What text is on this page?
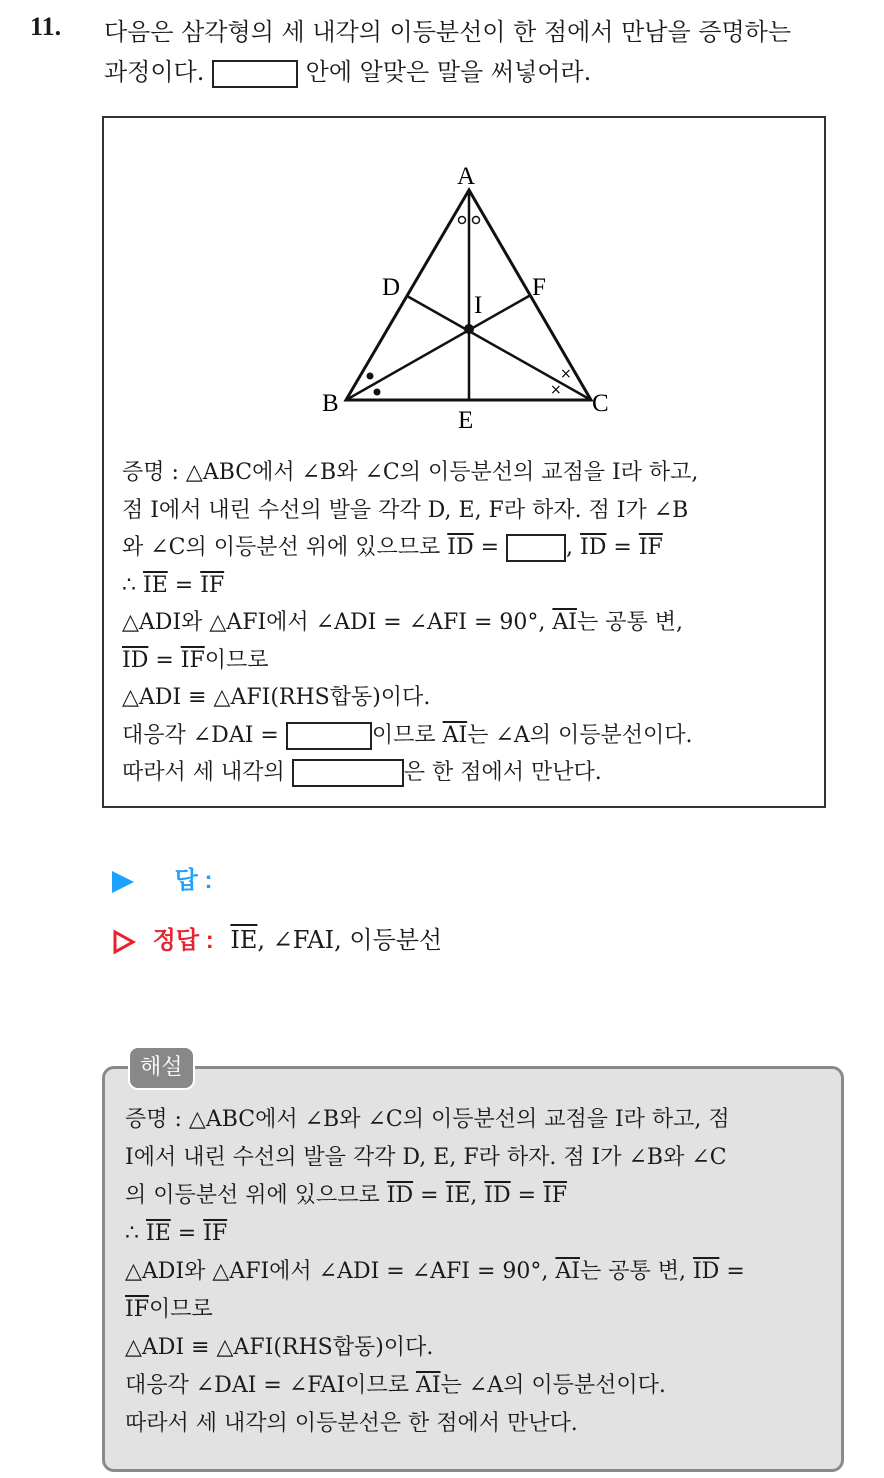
11. 다음은 삼각형의 세 내각의 이등분선이 한 점에서 만남을 증명하는
과정이다.	안에 알맞은 말을 써넣어라.
×
×
A
B	C
D
E
F
I
증명 : △ABC에서 ∠B와 ∠C의 이등분선의 교점을 I라 하고,
점 I에서 내린 수선의 발을 각각 D, E, F라 하자. 점 I가 ∠B
와 ∠C의 이등분선 위에 있으므로 $\overline{ID}$ =	, $\overline{ID} = \overline{IF}$
∴ $\overline{IE} = \overline{IF}$
△ADI와 △AFI에서 ∠ADI = ∠AFI = 90°, $\overline{AI}$는 공통 변,
$\overline{ID} = \overline{IF}$이므로
△ADI ≡ △AFI(RHS합동)이다.
대응각 ∠DAI =	이므로 $\overline{AI}$는 ∠A의 이등분선이다.
따라서 세 내각의	은 한 점에서 만난다.
답 :
정답 : $\overline{IE}$, ∠FAI, 이등분선
증명 : △ABC에서 ∠B와 ∠C의 이등분선의 교점을 I라 하고, 점
I에서 내린 수선의 발을 각각 D, E, F라 하자. 점 I가 ∠B와 ∠C
의 이등분선 위에 있으므로 $\overline{ID} = \overline{IE}$, $\overline{ID} = \overline{IF}$
∴ $\overline{IE} = \overline{IF}$
△ADI와 △AFI에서 ∠ADI = ∠AFI = 90°, $\overline{AI}$는 공통 변, $\overline{ID}$ =
$\overline{IF}$이므로
△ADI ≡ △AFI(RHS합동)이다.
대응각 ∠DAI = ∠FAI이므로 $\overline{AI}$는 ∠A의 이등분선이다.
따라서 세 내각의 이등분선은 한 점에서 만난다.
해설
